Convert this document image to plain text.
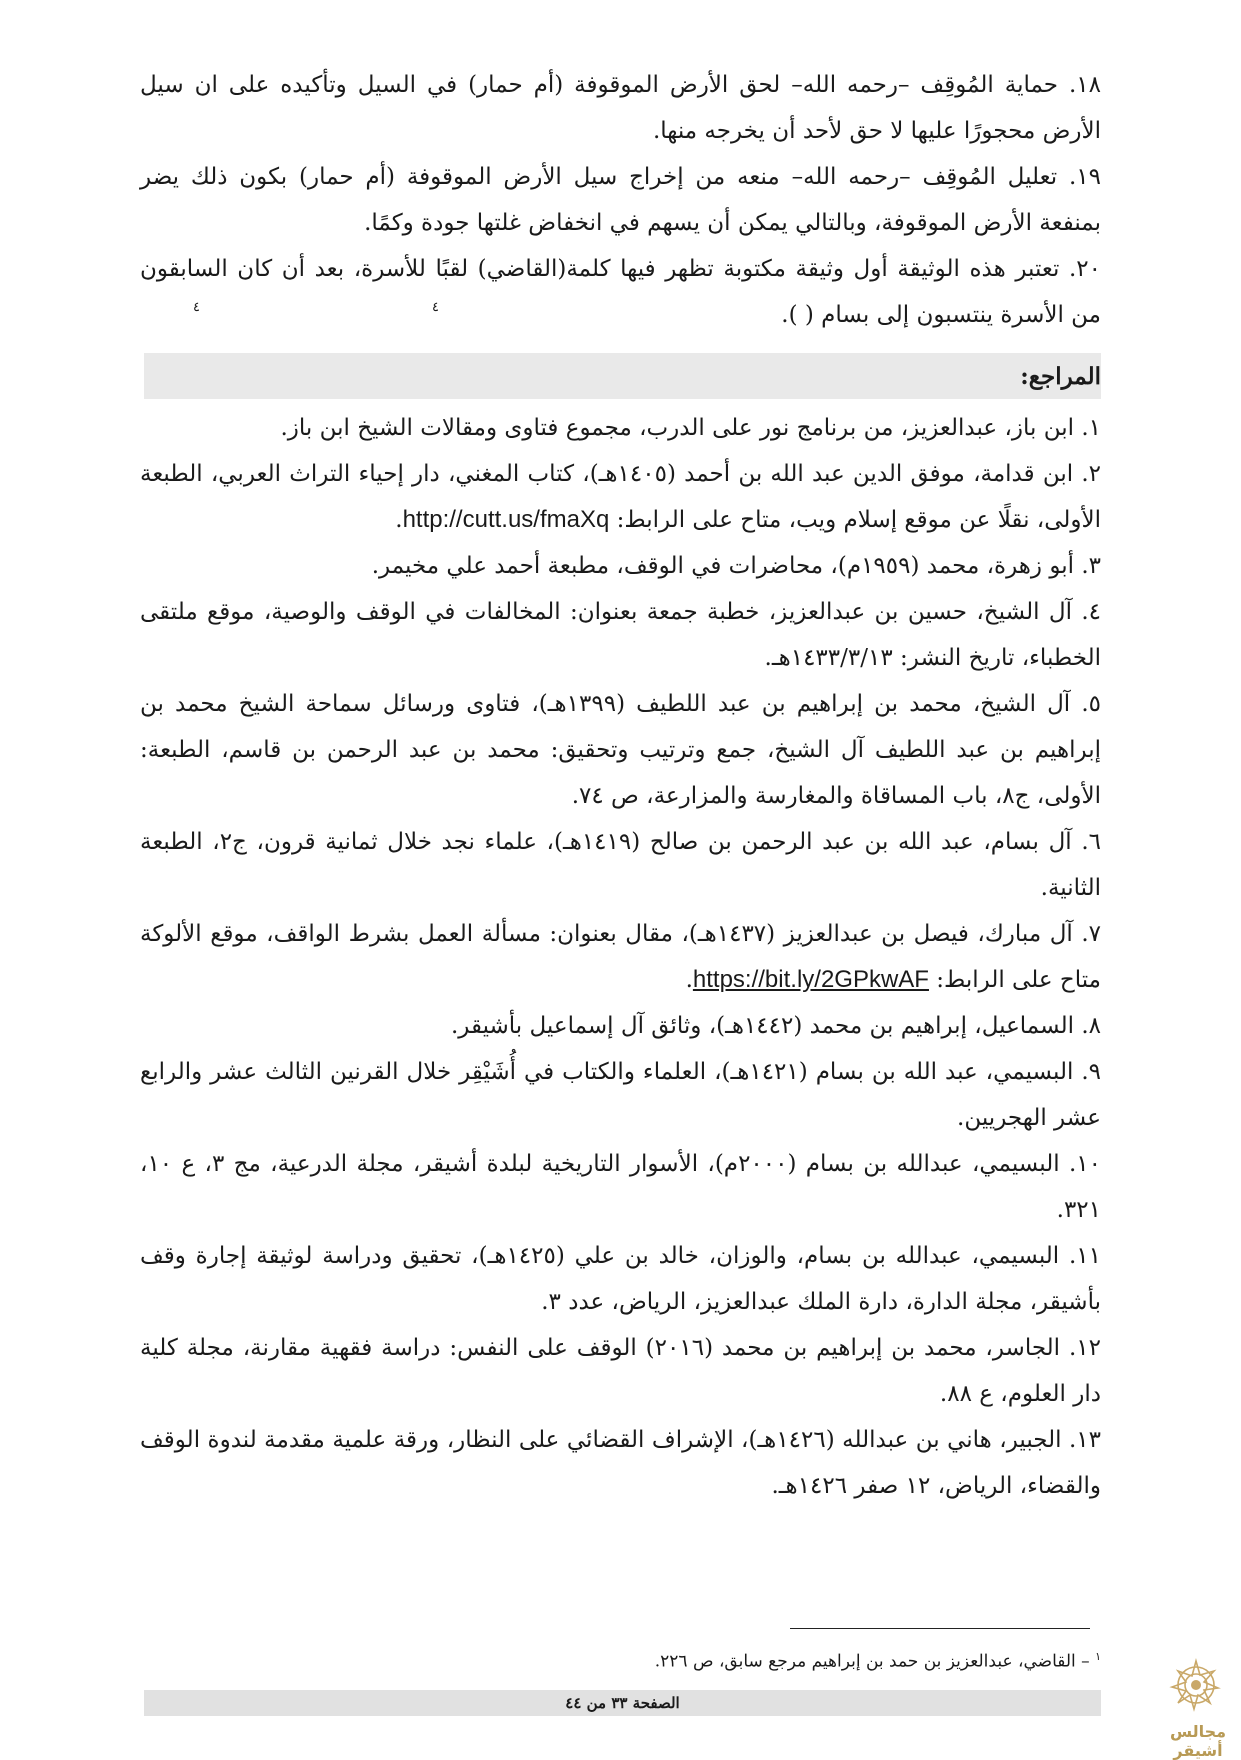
١٨. حماية المُوقِف –رحمه الله– لحق الأرض الموقوفة (أم حمار) في السيل وتأكيده على ان سيل الأرض محجورًا عليها لا حق لأحد أن يخرجه منها.
١٩. تعليل المُوقِف –رحمه الله– منعه من إخراج سيل الأرض الموقوفة (أم حمار) بكون ذلك يضر بمنفعة الأرض الموقوفة، وبالتالي يمكن أن يسهم في انخفاض غلتها جودة وكمًا.
٢٠. تعتبر هذه الوثيقة أول وثيقة مكتوبة تظهر فيها كلمة(القاضي) لقبًا للأسرة، بعد أن كان السابقون من الأسرة ينتسبون إلى بسام ( ).
٤	٤
المراجع:
١. ابن باز، عبدالعزيز، من برنامج نور على الدرب، مجموع فتاوى ومقالات الشيخ ابن باز.
٢. ابن قدامة، موفق الدين عبد الله بن أحمد (١٤٠٥هـ)، كتاب المغني، دار إحياء التراث العربي، الطبعة الأولى، نقلًا عن موقع إسلام ويب، متاح على الرابط: http://cutt.us/fmaXq.
٣. أبو زهرة، محمد (١٩٥٩م)، محاضرات في الوقف، مطبعة أحمد علي مخيمر.
٤. آل الشيخ، حسين بن عبدالعزيز، خطبة جمعة بعنوان: المخالفات في الوقف والوصية، موقع ملتقى الخطباء، تاريخ النشر: ١٤٣٣/٣/١٣هـ.
٥. آل الشيخ، محمد بن إبراهيم بن عبد اللطيف (١٣٩٩هـ)، فتاوى ورسائل سماحة الشيخ محمد بن إبراهيم بن عبد اللطيف آل الشيخ، جمع وترتيب وتحقيق: محمد بن عبد الرحمن بن قاسم، الطبعة: الأولى، ج٨، باب المساقاة والمغارسة والمزارعة، ص ٧٤.
٦. آل بسام، عبد الله بن عبد الرحمن بن صالح (١٤١٩هـ)، علماء نجد خلال ثمانية قرون، ج٢، الطبعة الثانية.
٧. آل مبارك، فيصل بن عبدالعزيز (١٤٣٧هـ)، مقال بعنوان: مسألة العمل بشرط الواقف، موقع الألوكة متاح على الرابط: https://bit.ly/2GPkwAF.
٨. السماعيل، إبراهيم بن محمد (١٤٤٢هـ)، وثائق آل إسماعيل بأشيقر.
٩. البسيمي، عبد الله بن بسام (١٤٢١هـ)، العلماء والكتاب في أُشَيْقِر خلال القرنين الثالث عشر والرابع عشر الهجريين.
١٠. البسيمي، عبدالله بن بسام (٢٠٠٠م)، الأسوار التاريخية لبلدة أشيقر، مجلة الدرعية، مج ٣، ع ١٠، ٣٢١.
١١. البسيمي، عبدالله بن بسام، والوزان، خالد بن علي (١٤٢٥هـ)، تحقيق ودراسة لوثيقة إجارة وقف بأشيقر، مجلة الدارة، دارة الملك عبدالعزيز، الرياض، عدد ٣.
١٢. الجاسر، محمد بن إبراهيم بن محمد (٢٠١٦) الوقف على النفس: دراسة فقهية مقارنة، مجلة كلية دار العلوم، ع ٨٨.
١٣. الجبير، هاني بن عبدالله (١٤٢٦هـ)، الإشراف القضائي على النظار، ورقة علمية مقدمة لندوة الوقف والقضاء، الرياض، ١٢ صفر ١٤٢٦هـ.
$^١$ – القاضي، عبدالعزيز بن حمد بن إبراهيم مرجع سابق، ص ٢٢٦.
الصفحة ٣٣ من ٤٤
مجالس أشيقر
